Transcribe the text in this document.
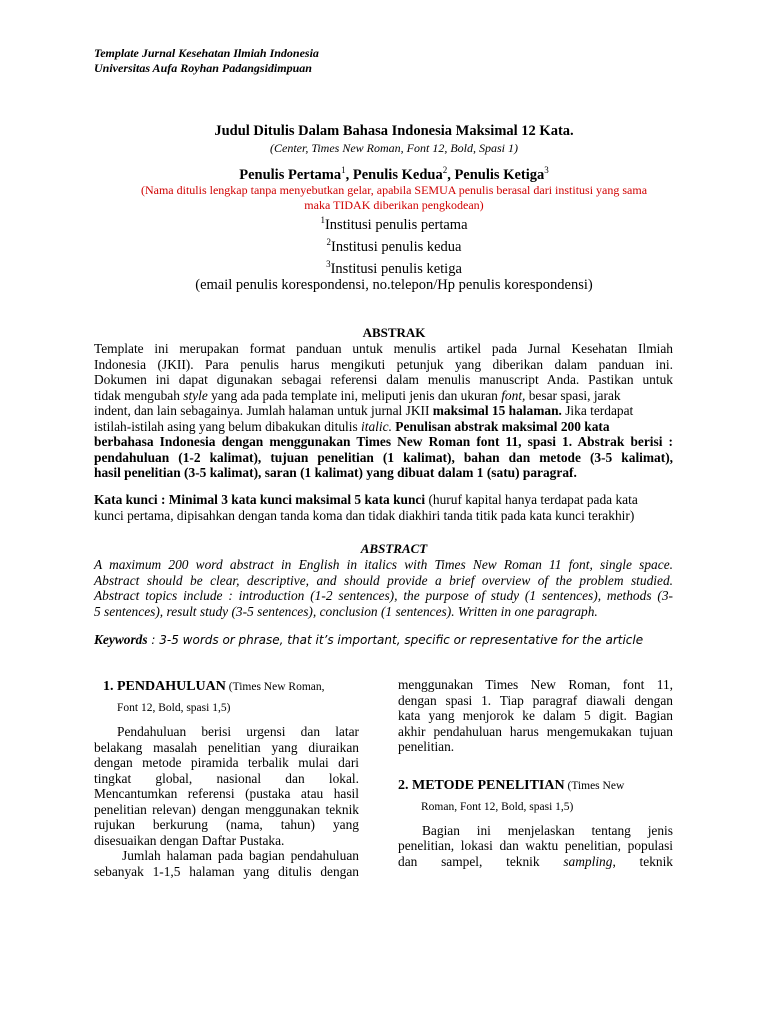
Template Jurnal Kesehatan Ilmiah Indonesia
Universitas Aufa Royhan Padangsidimpuan
Judul Ditulis Dalam Bahasa Indonesia Maksimal 12 Kata.
(Center, Times New Roman, Font 12, Bold, Spasi 1)
Penulis Pertama$^1$, Penulis Kedua$^2$, Penulis Ketiga$^3$
(Nama ditulis lengkap tanpa menyebutkan gelar, apabila SEMUA penulis berasal dari institusi yang sama
maka TIDAK diberikan pengkodean)
$^1$Institusi penulis pertama
$^2$Institusi penulis kedua
$^3$Institusi penulis ketiga
(email penulis korespondensi, no.telepon/Hp penulis korespondensi)
ABSTRAK
Template ini merupakan format panduan untuk menulis artikel pada Jurnal Kesehatan Ilmiah
Indonesia (JKII). Para penulis harus mengikuti petunjuk yang diberikan dalam panduan ini.
Dokumen ini dapat digunakan sebagai referensi dalam menulis manuscript Anda. Pastikan untuk
tidak mengubah style yang ada pada template ini, meliputi jenis dan ukuran font, besar spasi, jarak
indent, dan lain sebagainya. Jumlah halaman untuk jurnal JKII maksimal 15 halaman. Jika terdapat
istilah-istilah asing yang belum dibakukan ditulis italic. Penulisan abstrak maksimal 200 kata
berbahasa Indonesia dengan menggunakan Times New Roman font 11, spasi 1. Abstrak berisi :
pendahuluan (1-2 kalimat), tujuan penelitian (1 kalimat), bahan dan metode (3-5 kalimat),
hasil penelitian (3-5 kalimat), saran (1 kalimat) yang dibuat dalam 1 (satu) paragraf.
Kata kunci : Minimal 3 kata kunci maksimal 5 kata kunci (huruf kapital hanya terdapat pada kata
kunci pertama, dipisahkan dengan tanda koma dan tidak diakhiri tanda titik pada kata kunci terakhir)
ABSTRACT
A maximum 200 word abstract in English in italics with Times New Roman 11 font, single space.
Abstract should be clear, descriptive, and should provide a brief overview of the problem studied.
Abstract topics include : introduction (1-2 sentences), the purpose of study (1 sentences), methods (3-
5 sentences), result study (3-5 sentences), conclusion (1 sentences). Written in one paragraph.
Keywords : 3-5 words or phrase, that it’s important, specific or representative for the article
1. PENDAHULUAN (Times New Roman,
Font 12, Bold, spasi 1,5)
Pendahuluan berisi urgensi dan latar
belakang masalah penelitian yang diuraikan
dengan metode piramida terbalik mulai dari
tingkat global, nasional dan lokal.
Mencantumkan referensi (pustaka atau hasil
penelitian relevan) dengan menggunakan teknik
rujukan berkurung (nama, tahun) yang
disesuaikan dengan Daftar Pustaka.
Jumlah halaman pada bagian pendahuluan
sebanyak 1-1,5 halaman yang ditulis dengan
menggunakan Times New Roman, font 11,
dengan spasi 1. Tiap paragraf diawali dengan
kata yang menjorok ke dalam 5 digit. Bagian
akhir pendahuluan harus mengemukakan tujuan
penelitian.
2. METODE PENELITIAN (Times New
Roman, Font 12, Bold, spasi 1,5)
Bagian ini menjelaskan tentang jenis
penelitian, lokasi dan waktu penelitian, populasi
dan sampel, teknik sampling, teknik
